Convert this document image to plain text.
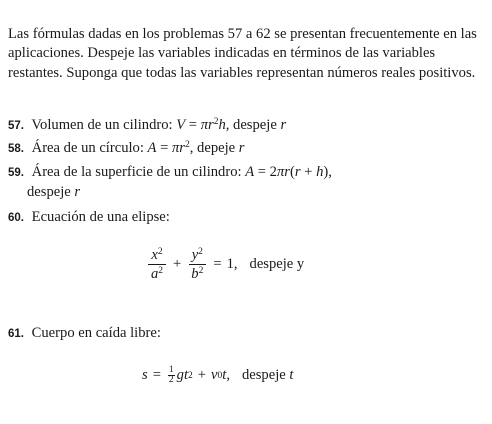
Las fórmulas dadas en los problemas 57 a 62 se presentan frecuentemente en las aplicaciones. Despeje las variables indicadas en términos de las variables restantes. Suponga que todas las variables representan números reales positivos.

57. Volumen de un cilindro: $V = \pi r^2h$, despeje r
58. Área de un círculo: $A = \pi r^2$, depeje r
59. Área de la superficie de un cilindro: A = 2πr(r + h),
despeje r
60. Ecuación de una elipse:
$\frac{x^2}{a^2} + \frac{y^2}{b^2} = 1$, despeje y
61. Cuerpo en caída libre:
$s = \frac{1}{2}$ gt 2 + v 0 t , despeje
t
